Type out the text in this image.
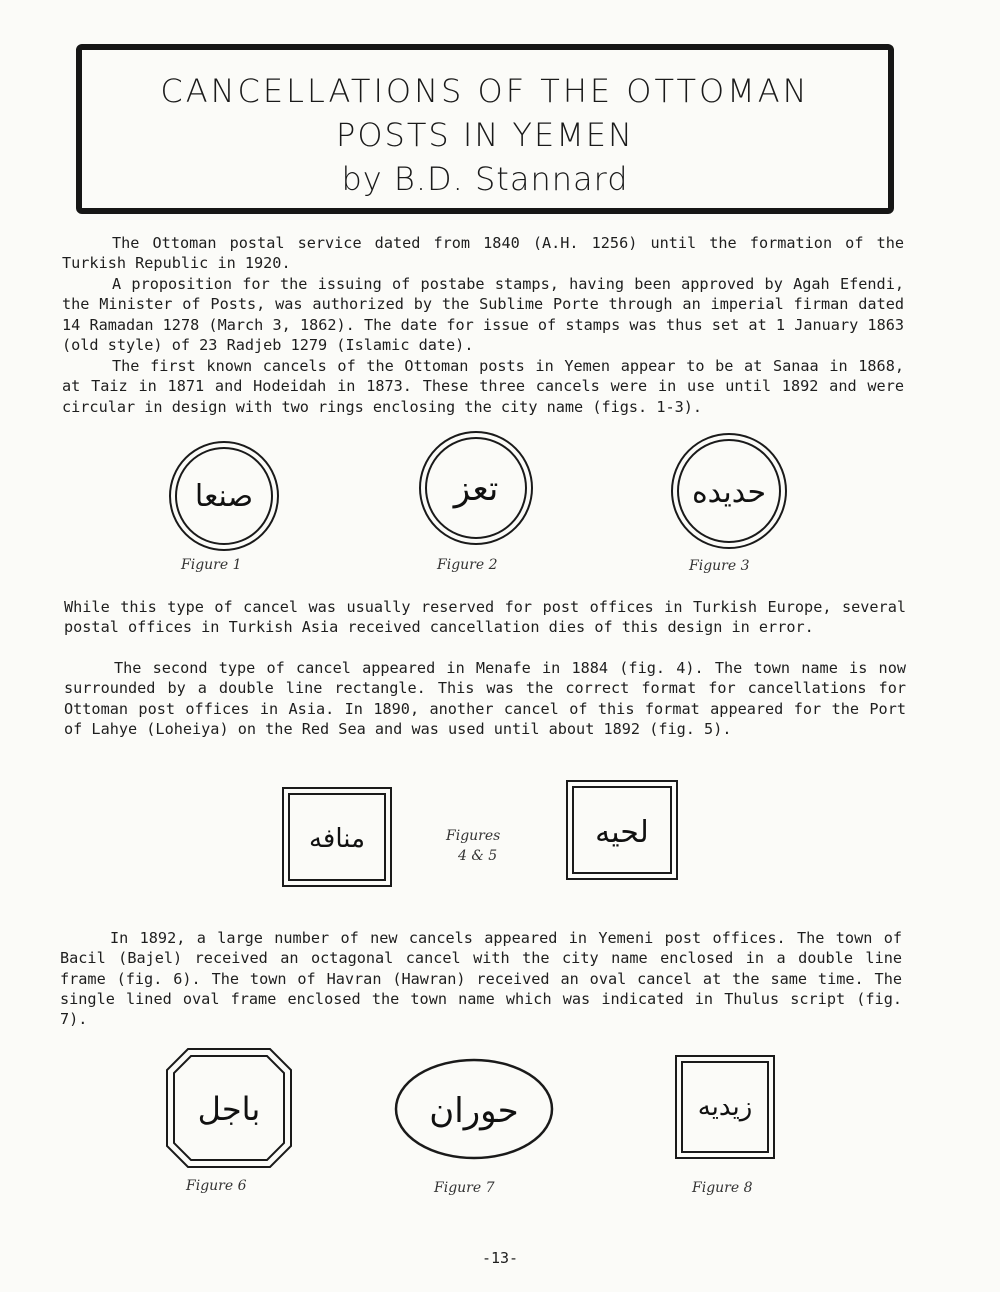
CANCELLATIONS OF THE OTTOMAN
POSTS IN YEMEN
by B.D. Stannard
The Ottoman postal service dated from 1840 (A.H. 1256) until the formation of the Turkish Republic in 1920.
A proposition for the issuing of postabe stamps, having been approved by Agah Efendi, the Minister of Posts, was authorized by the Sublime Porte through an imperial firman dated 14 Ramadan 1278 (March 3, 1862). The date for issue of stamps was thus set at 1 January 1863 (old style) of 23 Radjeb 1279 (Islamic date).
The first known cancels of the Ottoman posts in Yemen appear to be at Sanaa in 1868, at Taiz in 1871 and Hodeidah in 1873. These three cancels were in use until 1892 and were circular in design with two rings enclosing the city name (figs. 1-3).
صنعا
Figure 1
تعز
Figure 2
حديده
Figure 3
While this type of cancel was usually reserved for post offices in Turkish Europe, several postal offices in Turkish Asia received cancellation dies of this design in error.
The second type of cancel appeared in Menafe in 1884 (fig. 4). The town name is now surrounded by a double line rectangle. This was the correct format for cancellations for Ottoman post offices in Asia. In 1890, another cancel of this format appeared for the Port of Lahye (Loheiya) on the Red Sea and was used until about 1892 (fig. 5).
منافه	Figures
4 & 5
لحيه
In 1892, a large number of new cancels appeared in Yemeni post offices. The town of Bacil (Bajel) received an octagonal cancel with the city name enclosed in a double line frame (fig. 6). The town of Havran (Hawran) received an oval cancel at the same time. The single lined oval frame enclosed the town name which was indicated in Thulus script (fig. 7).
باجل
Figure 6
حوران
Figure 7
زيديه
Figure 8
-13-
